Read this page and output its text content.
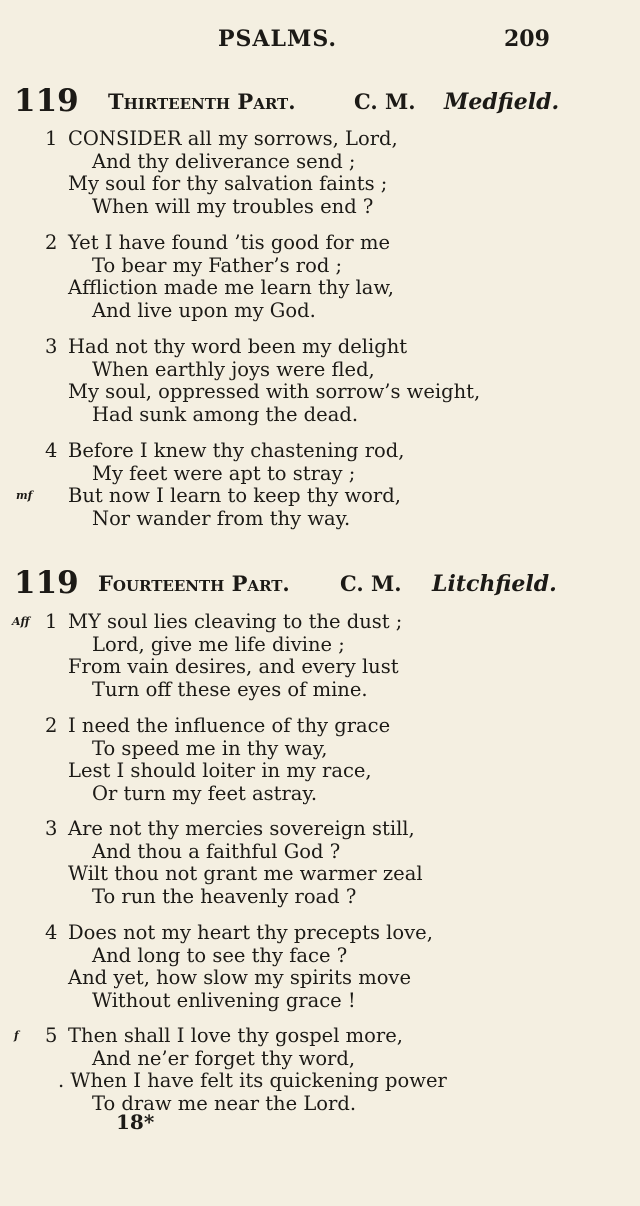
PSALMS.	209
119 Thirteenth Part.	C. M. Medfield.
1 CONSIDER all my sorrows, Lord,
And thy deliverance send ;
My soul for thy salvation faints ;
When will my troubles end ?
2 Yet I have found ’tis good for me
To bear my Father’s rod ;
Affliction made me learn thy law,
And live upon my God.
3 Had not thy word been my delight
When earthly joys were fled,
My soul, oppressed with sorrow’s weight,
Had sunk among the dead.
4 Before I knew thy chastening rod,
My feet were apt to stray ;
mf But now I learn to keep thy word,
Nor wander from thy way.
119 Fourteenth Part. C. M. Litchfield.
Aff 1 MY soul lies cleaving to the dust ;
Lord, give me life divine ;
From vain desires, and every lust
Turn off these eyes of mine.
2 I need the influence of thy grace
To speed me in thy way,
Lest I should loiter in my race,
Or turn my feet astray.
3 Are not thy mercies sovereign still,
And thou a faithful God ?
Wilt thou not grant me warmer zeal
To run the heavenly road ?
4 Does not my heart thy precepts love,
And long to see thy face ?
And yet, how slow my spirits move
Without enlivening grace !
f 5 Then shall I love thy gospel more,
And ne’er forget thy word,
. When I have felt its quickening power
To draw me near the Lord.
18*
